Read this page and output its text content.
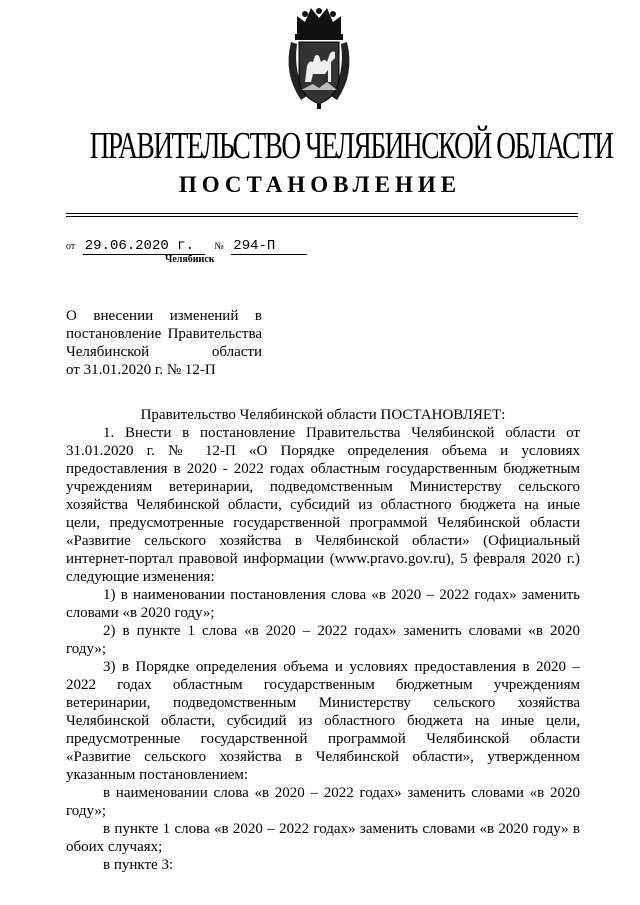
ПРАВИТЕЛЬСТВО ЧЕЛЯБИНСКОЙ ОБЛАСТИ
ПОСТАНОВЛЕНИЕ
от 29.06.2020 г. № 294-П
Челябинск
О внесении изменений в
постановление Правительства
Челябинской области
от 31.01.2020 г. № 12-П

Правительство Челябинской области ПОСТАНОВЛЯЕТ:

1. Внести в постановление Правительства Челябинской области от 31.01.2020 г. № 12-П «О Порядке определения объема и условиях предоставления в 2020 - 2022 годах областным государственным бюджетным учреждениям ветеринарии, подведомственным Министерству сельского хозяйства Челябинской области, субсидий из областного бюджета на иные цели, предусмотренные государственной программой Челябинской области «Развитие сельского хозяйства в Челябинской области» (Официальный интернет-портал правовой информации (www.pravo.gov.ru), 5 февраля 2020 г.) следующие изменения:

1) в наименовании постановления слова «в 2020 – 2022 годах» заменить словами «в 2020 году»;

2) в пункте 1 слова «в 2020 – 2022 годах» заменить словами «в 2020 году»;

3) в Порядке определения объема и условиях предоставления в 2020 – 2022 годах областным государственным бюджетным учреждениям ветеринарии, подведомственным Министерству сельского хозяйства Челябинской области, субсидий из областного бюджета на иные цели, предусмотренные государственной программой Челябинской области «Развитие сельского хозяйства в Челябинской области», утвержденном указанным постановлением:

в наименовании слова «в 2020 – 2022 годах» заменить словами «в 2020 году»;

в пункте 1 слова «в 2020 – 2022 годах» заменить словами «в 2020 году» в обоих случаях;

в пункте 3:
